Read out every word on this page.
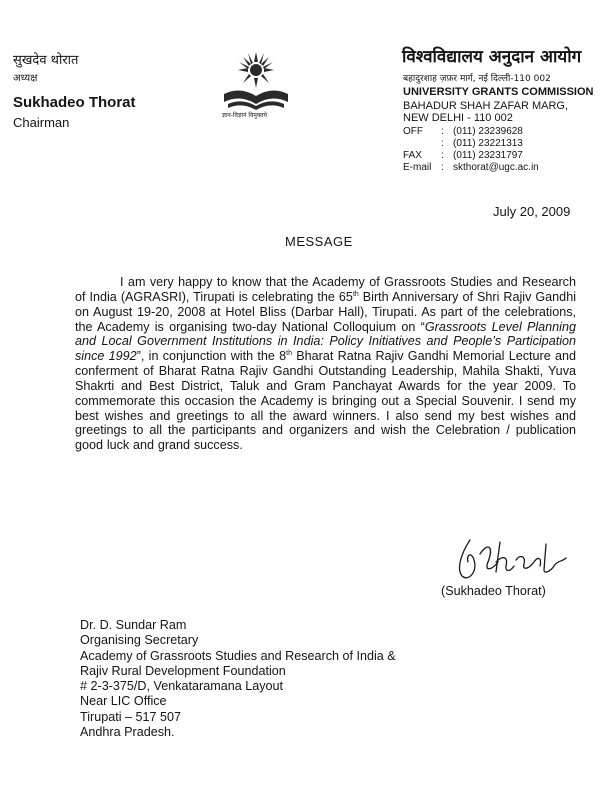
सुखदेव थोरात
अध्यक्ष
Sukhadeo Thorat
Chairman	ज्ञान-विज्ञानं विमुक्तये
विश्वविद्यालय अनुदान आयोग
बहादुरशाह ज़फ़र मार्ग, नई दिल्ली-110 002
UNIVERSITY GRANTS COMMISSION
BAHADUR SHAH ZAFAR MARG,
NEW DELHI - 110 002
OFF : (011) 23239628
: (011) 23221313
FAX : (011) 23231797
E-mail : skthorat@ugc.ac.in
July 20, 2009
MESSAGE
I am very happy to know that the Academy of Grassroots Studies and Research of India (AGRASRI), Tirupati is celebrating the 65th Birth Anniversary of Shri Rajiv Gandhi on August 19-20, 2008 at Hotel Bliss (Darbar Hall), Tirupati. As part of the celebrations, the Academy is organising two-day National Colloquium on “Grassroots Level Planning and Local Government Institutions in India: Policy Initiatives and People’s Participation since 1992”, in conjunction with the 8th Bharat Ratna Rajiv Gandhi Memorial Lecture and conferment of Bharat Ratna Rajiv Gandhi Outstanding Leadership, Mahila Shakti, Yuva Shakrti and Best District, Taluk and Gram Panchayat Awards for the year 2009. To commemorate this occasion the Academy is bringing out a Special Souvenir. I send my best wishes and greetings to all the award winners. I also send my best wishes and greetings to all the participants and organizers and wish the Celebration / publication good luck and grand success.
(Sukhadeo Thorat)
Dr. D. Sundar Ram
Organising Secretary
Academy of Grassroots Studies and Research of India &
Rajiv Rural Development Foundation
# 2-3-375/D, Venkataramana Layout
Near LIC Office
Tirupati – 517 507
Andhra Pradesh.
